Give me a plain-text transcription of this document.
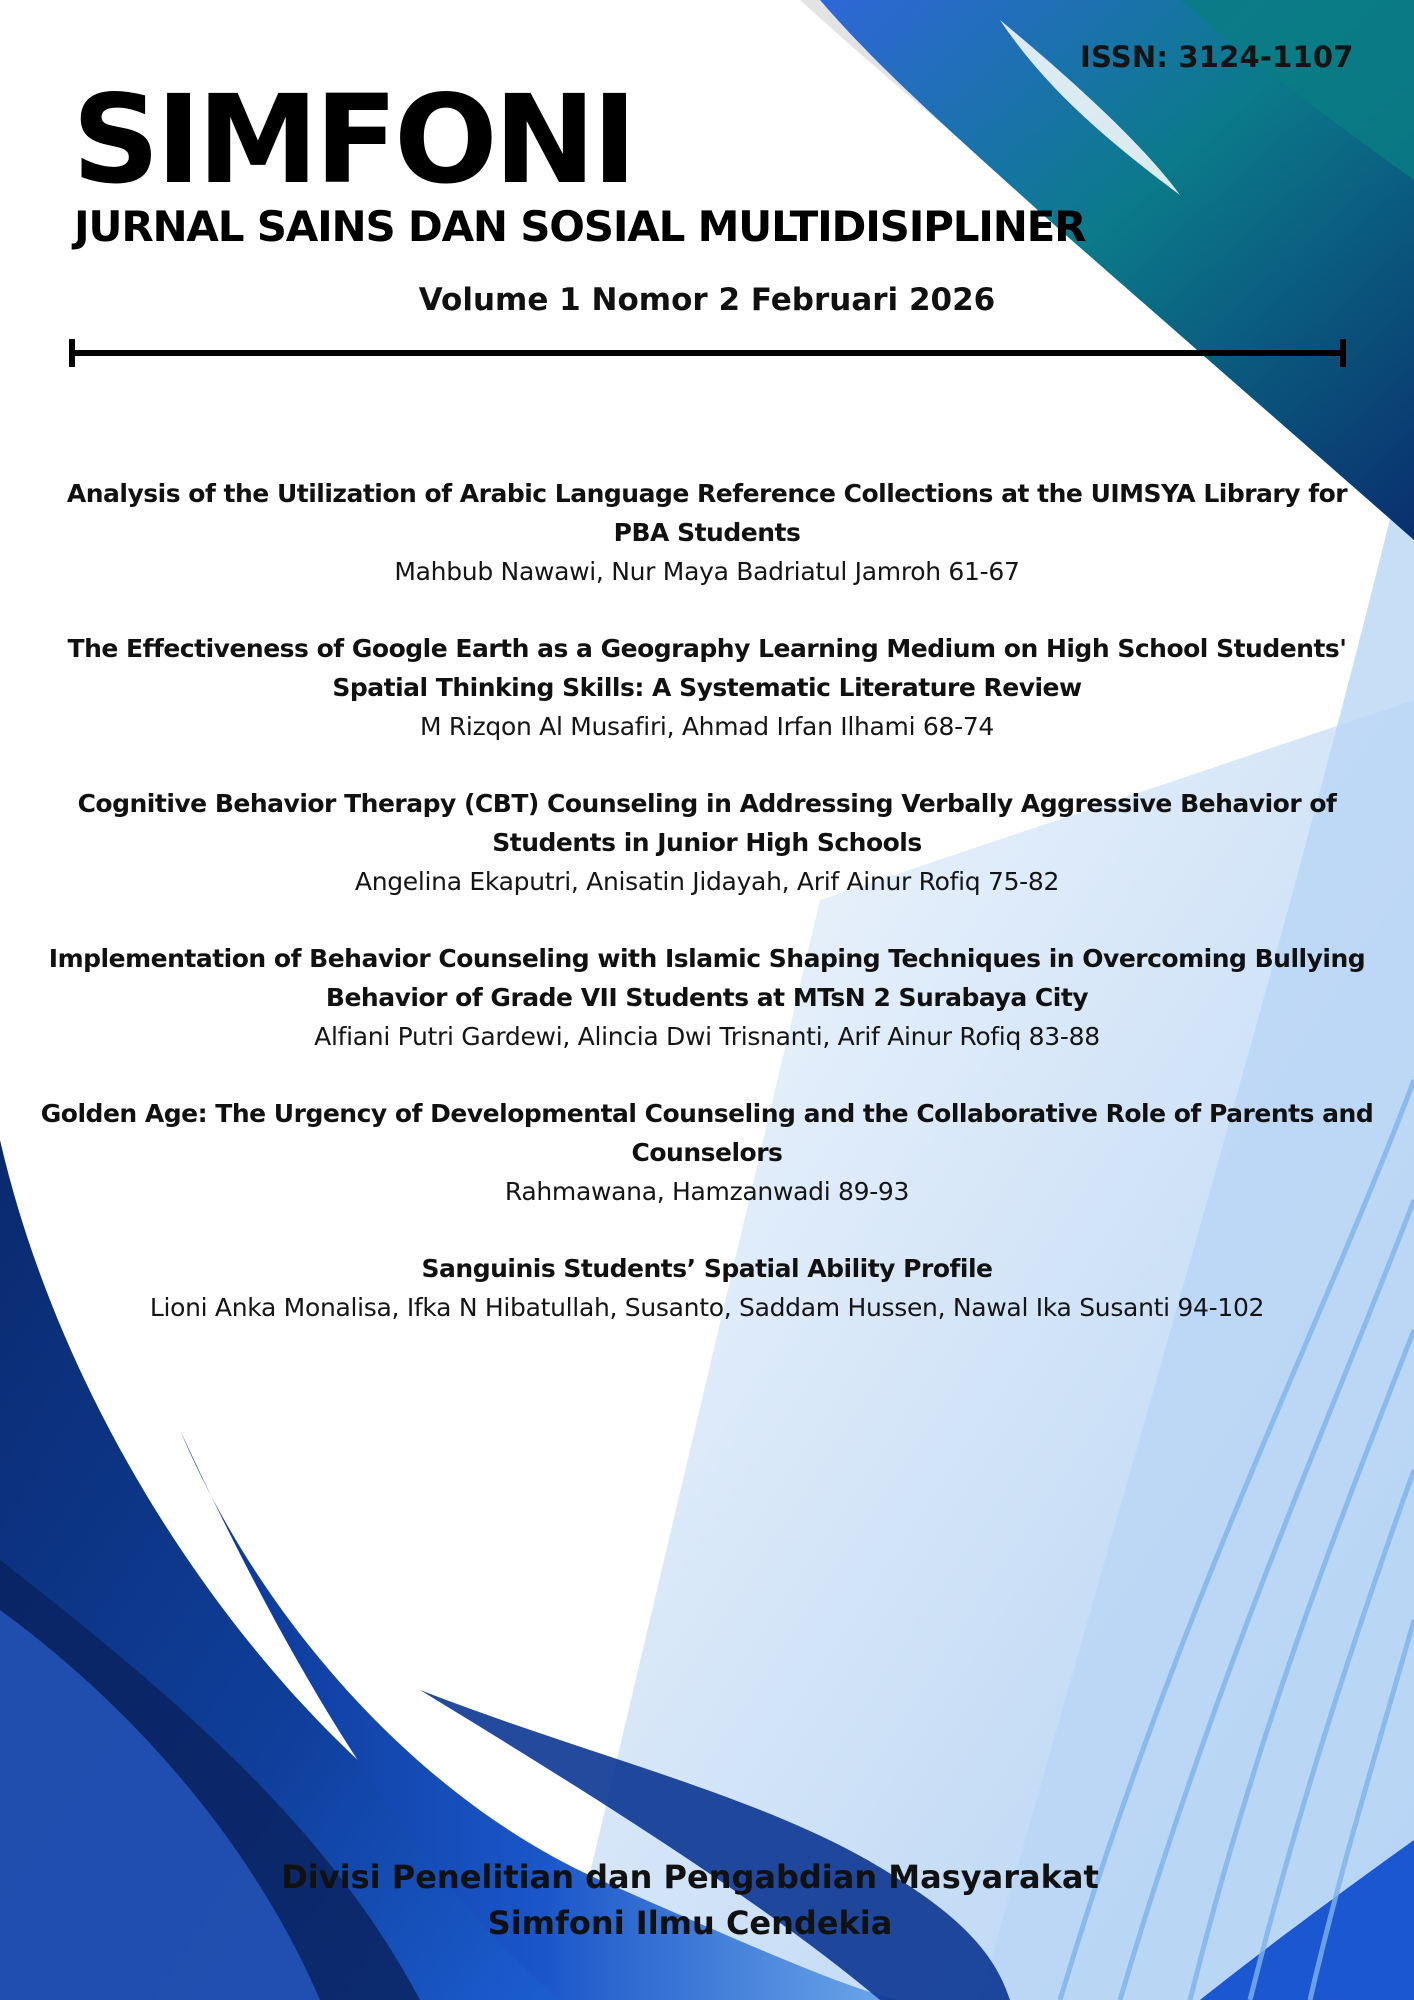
ISSN: 3124-1107
SIMFONI
JURNAL SAINS DAN SOSIAL MULTIDISIPLINER
Volume 1 Nomor 2 Februari 2026
Analysis of the Utilization of Arabic Language Reference Collections at the UIMSYA Library for PBA Students
Mahbub Nawawi, Nur Maya Badriatul Jamroh 61-67
The Effectiveness of Google Earth as a Geography Learning Medium on High School Students' Spatial Thinking Skills: A Systematic Literature Review
M Rizqon Al Musafiri, Ahmad Irfan Ilhami 68-74
Cognitive Behavior Therapy (CBT) Counseling in Addressing Verbally Aggressive Behavior of Students in Junior High Schools
Angelina Ekaputri, Anisatin Jidayah, Arif Ainur Rofiq 75-82
Implementation of Behavior Counseling with Islamic Shaping Techniques in Overcoming Bullying Behavior of Grade VII Students at MTsN 2 Surabaya City
Alfiani Putri Gardewi, Alincia Dwi Trisnanti, Arif Ainur Rofiq 83-88
Golden Age: The Urgency of Developmental Counseling and the Collaborative Role of Parents and Counselors
Rahmawana, Hamzanwadi 89-93
Sanguinis Students’ Spatial Ability Profile
Lioni Anka Monalisa, Ifka N Hibatullah, Susanto, Saddam Hussen, Nawal Ika Susanti 94-102
Divisi Penelitian dan Pengabdian Masyarakat
Simfoni Ilmu Cendekia
